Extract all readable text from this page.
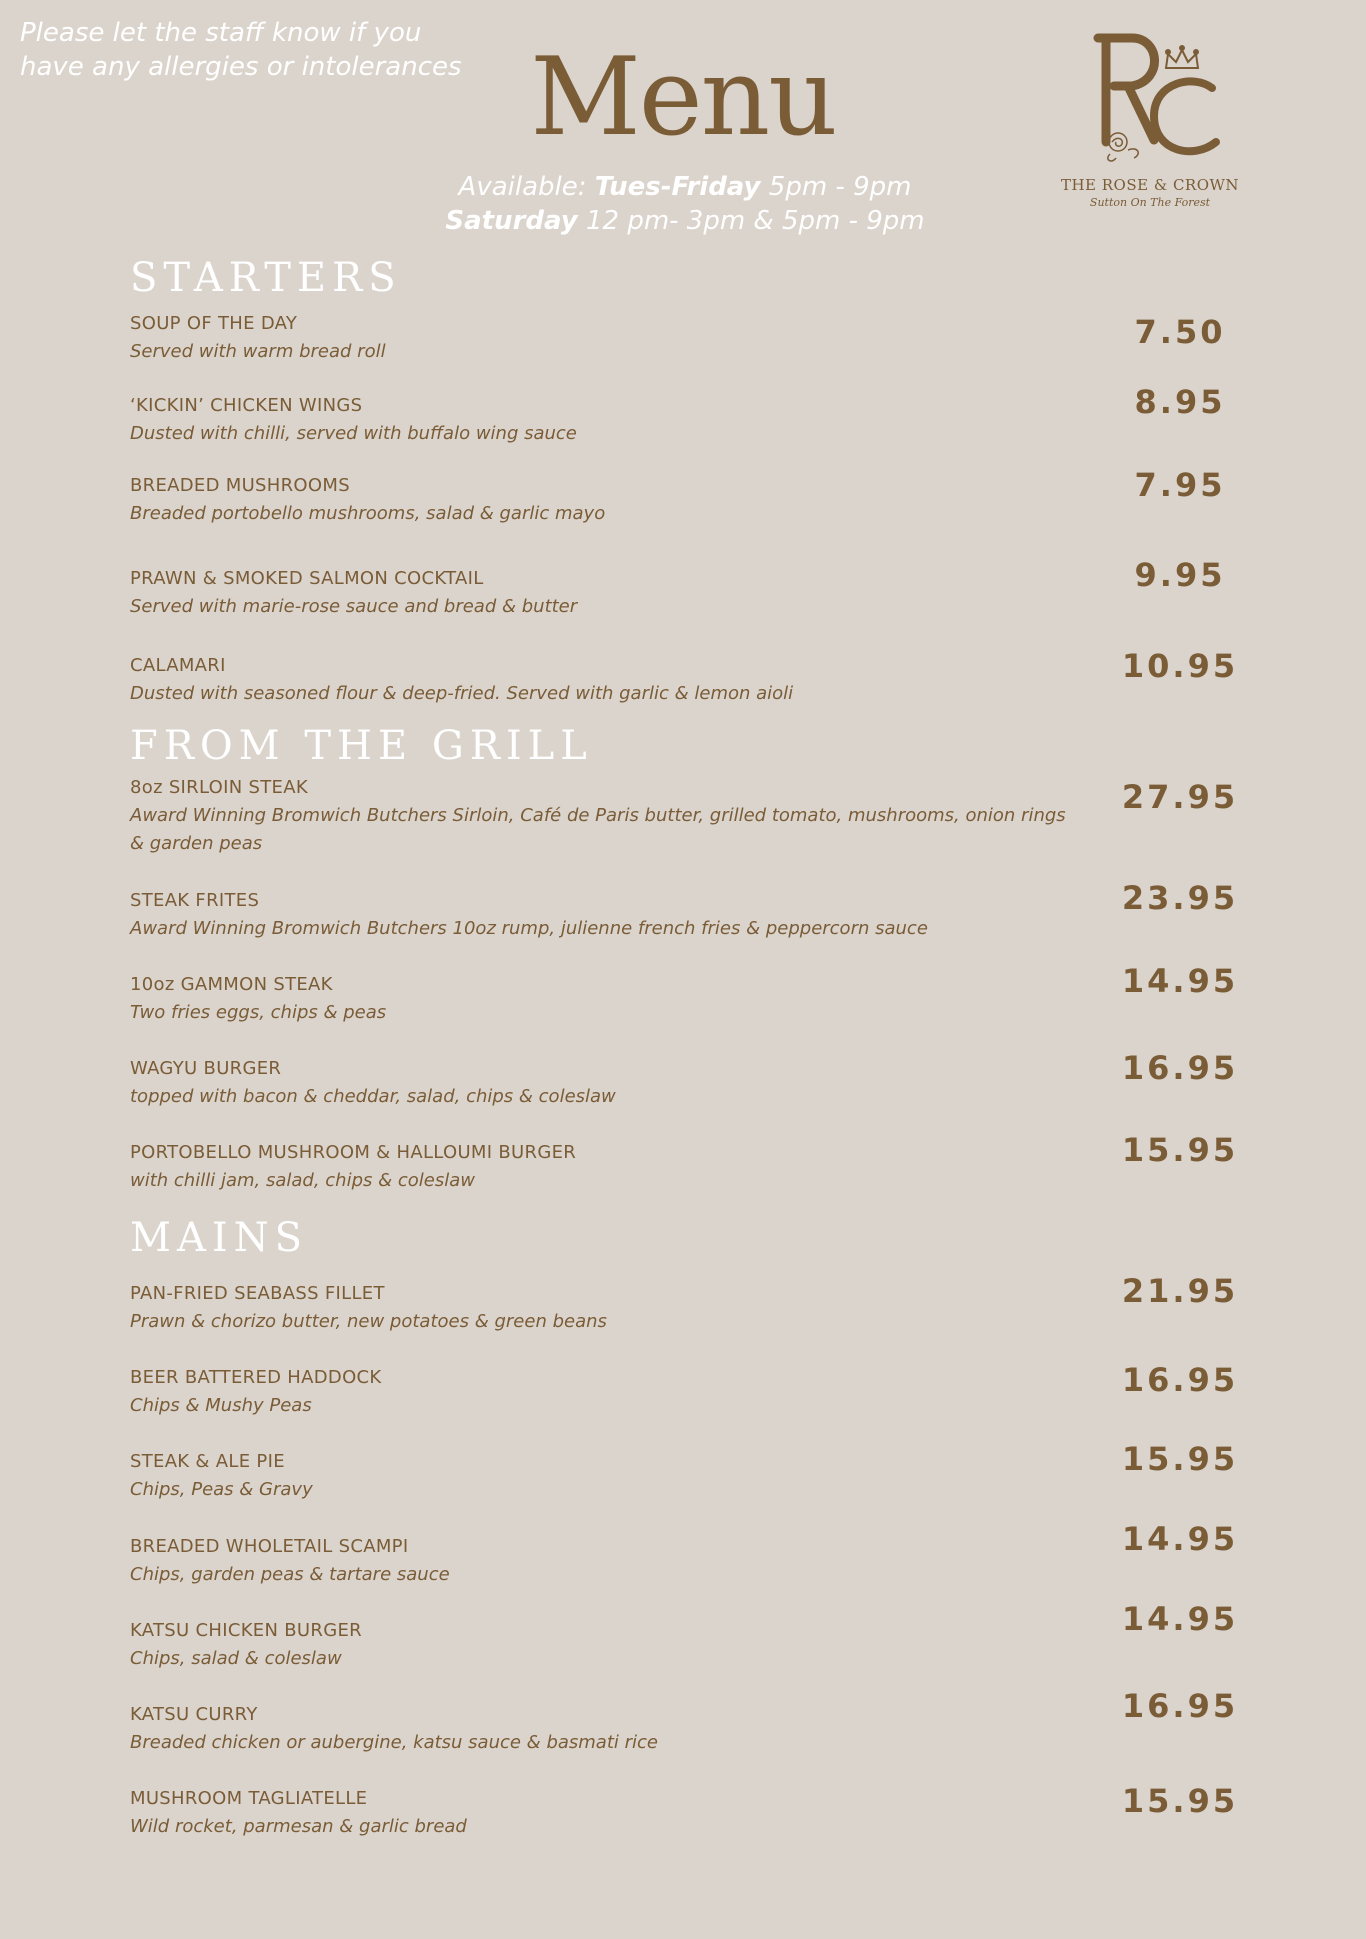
Please let the staff know if you
have any allergies or intolerances Menu
Available: Tues-Friday 5pm - 9pm
Saturday 12 pm- 3pm & 5pm - 9pm
THE ROSE & CROWN
Sutton On The Forest
STARTERS
SOUP OF THE DAY
Served with warm bread roll
7.50
‘KICKIN’ CHICKEN WINGS
Dusted with chilli, served with buffalo wing sauce
8.95
BREADED MUSHROOMS
Breaded portobello mushrooms, salad & garlic mayo
7.95
PRAWN & SMOKED SALMON COCKTAIL
Served with marie-rose sauce and bread & butter
9.95
CALAMARI
Dusted with seasoned flour & deep-fried. Served with garlic & lemon aioli
10.95
FROM THE GRILL
8oz SIRLOIN STEAK
Award Winning Bromwich Butchers Sirloin, Café de Paris butter, grilled tomato, mushrooms, onion rings & garden peas
27.95
STEAK FRITES
Award Winning Bromwich Butchers 10oz rump, julienne french fries & peppercorn sauce
23.95
10oz GAMMON STEAK
Two fries eggs, chips & peas
14.95
WAGYU BURGER
topped with bacon & cheddar, salad, chips & coleslaw
16.95
PORTOBELLO MUSHROOM & HALLOUMI BURGER
with chilli jam, salad, chips & coleslaw
15.95
MAINS
PAN-FRIED SEABASS FILLET
Prawn & chorizo butter, new potatoes & green beans
21.95
BEER BATTERED HADDOCK
Chips & Mushy Peas
16.95
STEAK & ALE PIE
Chips, Peas & Gravy
15.95
BREADED WHOLETAIL SCAMPI
Chips, garden peas & tartare sauce
14.95
KATSU CHICKEN BURGER
Chips, salad & coleslaw
14.95
KATSU CURRY
Breaded chicken or aubergine, katsu sauce & basmati rice
16.95
MUSHROOM TAGLIATELLE
Wild rocket, parmesan & garlic bread
15.95
